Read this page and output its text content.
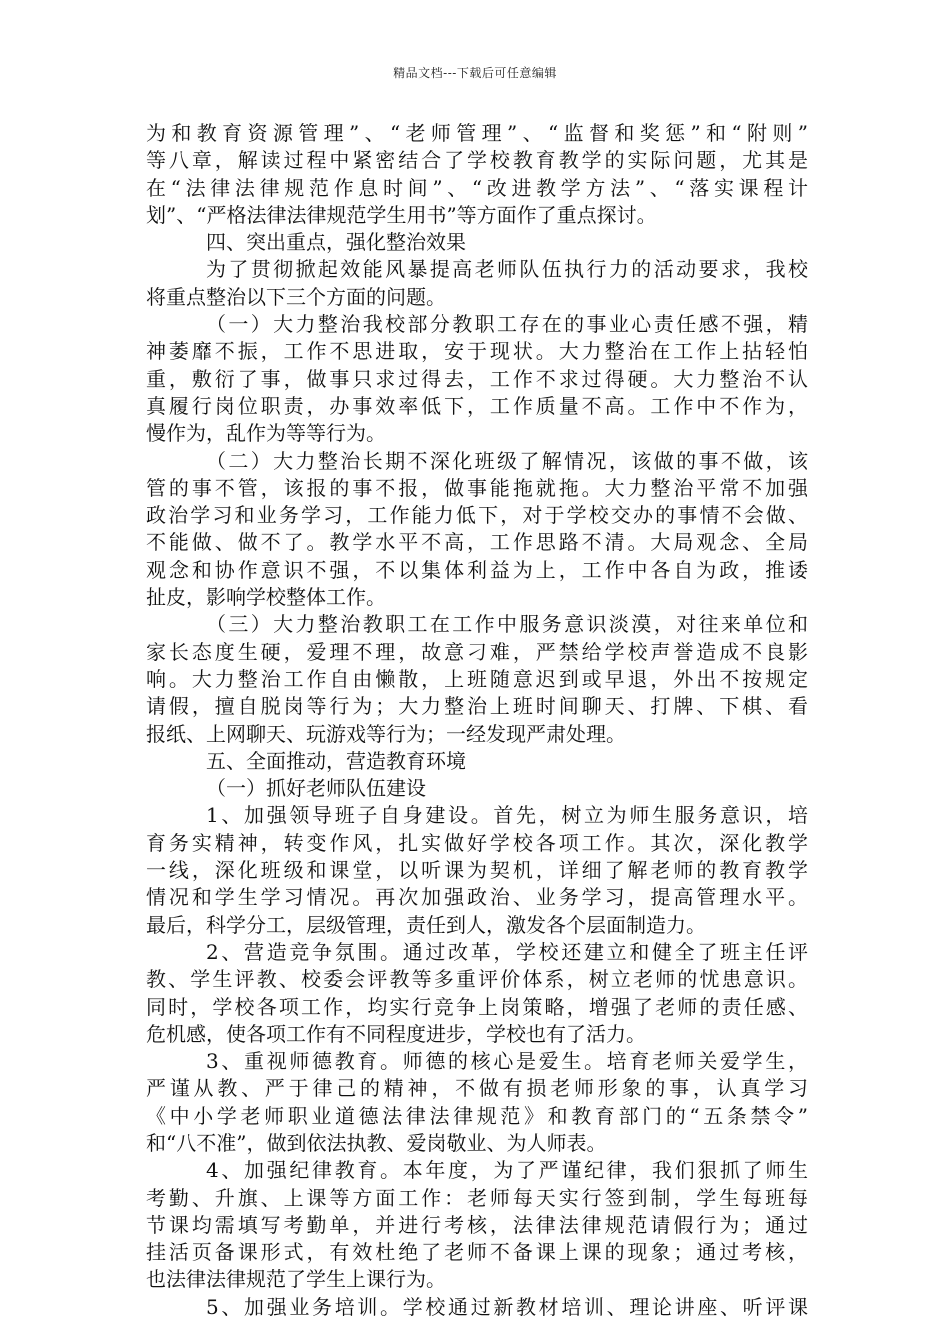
精品文档---下载后可任意编辑
为和教育资源管理”、“老师管理”、“监督和奖惩”和“附则”
等八章，解读过程中紧密结合了学校教育教学的实际问题，尤其是
在“法律法律规范作息时间”、“改进教学方法”、“落实课程计
划”、“严格法律法律规范学生用书”等方面作了重点探讨。
四、突出重点，强化整治效果
为了贯彻掀起效能风暴提高老师队伍执行力的活动要求，我校
将重点整治以下三个方面的问题。
（一）大力整治我校部分教职工存在的事业心责任感不强，精
神萎靡不振，工作不思进取，安于现状。大力整治在工作上拈轻怕
重，敷衍了事，做事只求过得去，工作不求过得硬。大力整治不认
真履行岗位职责，办事效率低下，工作质量不高。工作中不作为，
慢作为，乱作为等等行为。
（二）大力整治长期不深化班级了解情况，该做的事不做，该
管的事不管，该报的事不报，做事能拖就拖。大力整治平常不加强
政治学习和业务学习，工作能力低下，对于学校交办的事情不会做、
不能做、做不了。教学水平不高，工作思路不清。大局观念、全局
观念和协作意识不强，不以集体利益为上，工作中各自为政，推诿
扯皮，影响学校整体工作。
（三）大力整治教职工在工作中服务意识淡漠，对往来单位和
家长态度生硬，爱理不理，故意刁难，严禁给学校声誉造成不良影
响。大力整治工作自由懒散，上班随意迟到或早退，外出不按规定
请假，擅自脱岗等行为；大力整治上班时间聊天、打牌、下棋、看
报纸、上网聊天、玩游戏等行为；一经发现严肃处理。
五、全面推动，营造教育环境
（一）抓好老师队伍建设
1、加强领导班子自身建设。首先，树立为师生服务意识，培
育务实精神，转变作风，扎实做好学校各项工作。其次，深化教学
一线，深化班级和课堂，以听课为契机，详细了解老师的教育教学
情况和学生学习情况。再次加强政治、业务学习，提高管理水平。
最后，科学分工，层级管理，责任到人，激发各个层面制造力。
2、营造竞争氛围。通过改革，学校还建立和健全了班主任评
教、学生评教、校委会评教等多重评价体系，树立老师的忧患意识。
同时，学校各项工作，均实行竞争上岗策略，增强了老师的责任感、
危机感，使各项工作有不同程度进步，学校也有了活力。
3、重视师德教育。师德的核心是爱生。培育老师关爱学生，
严谨从教、严于律己的精神，不做有损老师形象的事，认真学习
《中小学老师职业道德法律法律规范》和教育部门的“五条禁令”
和“八不准”，做到依法执教、爱岗敬业、为人师表。
4、加强纪律教育。本年度，为了严谨纪律，我们狠抓了师生
考勤、升旗、上课等方面工作：老师每天实行签到制，学生每班每
节课均需填写考勤单，并进行考核，法律法律规范请假行为；通过
挂活页备课形式，有效杜绝了老师不备课上课的现象；通过考核，
也法律法律规范了学生上课行为。
5、加强业务培训。学校通过新教材培训、理论讲座、听评课
